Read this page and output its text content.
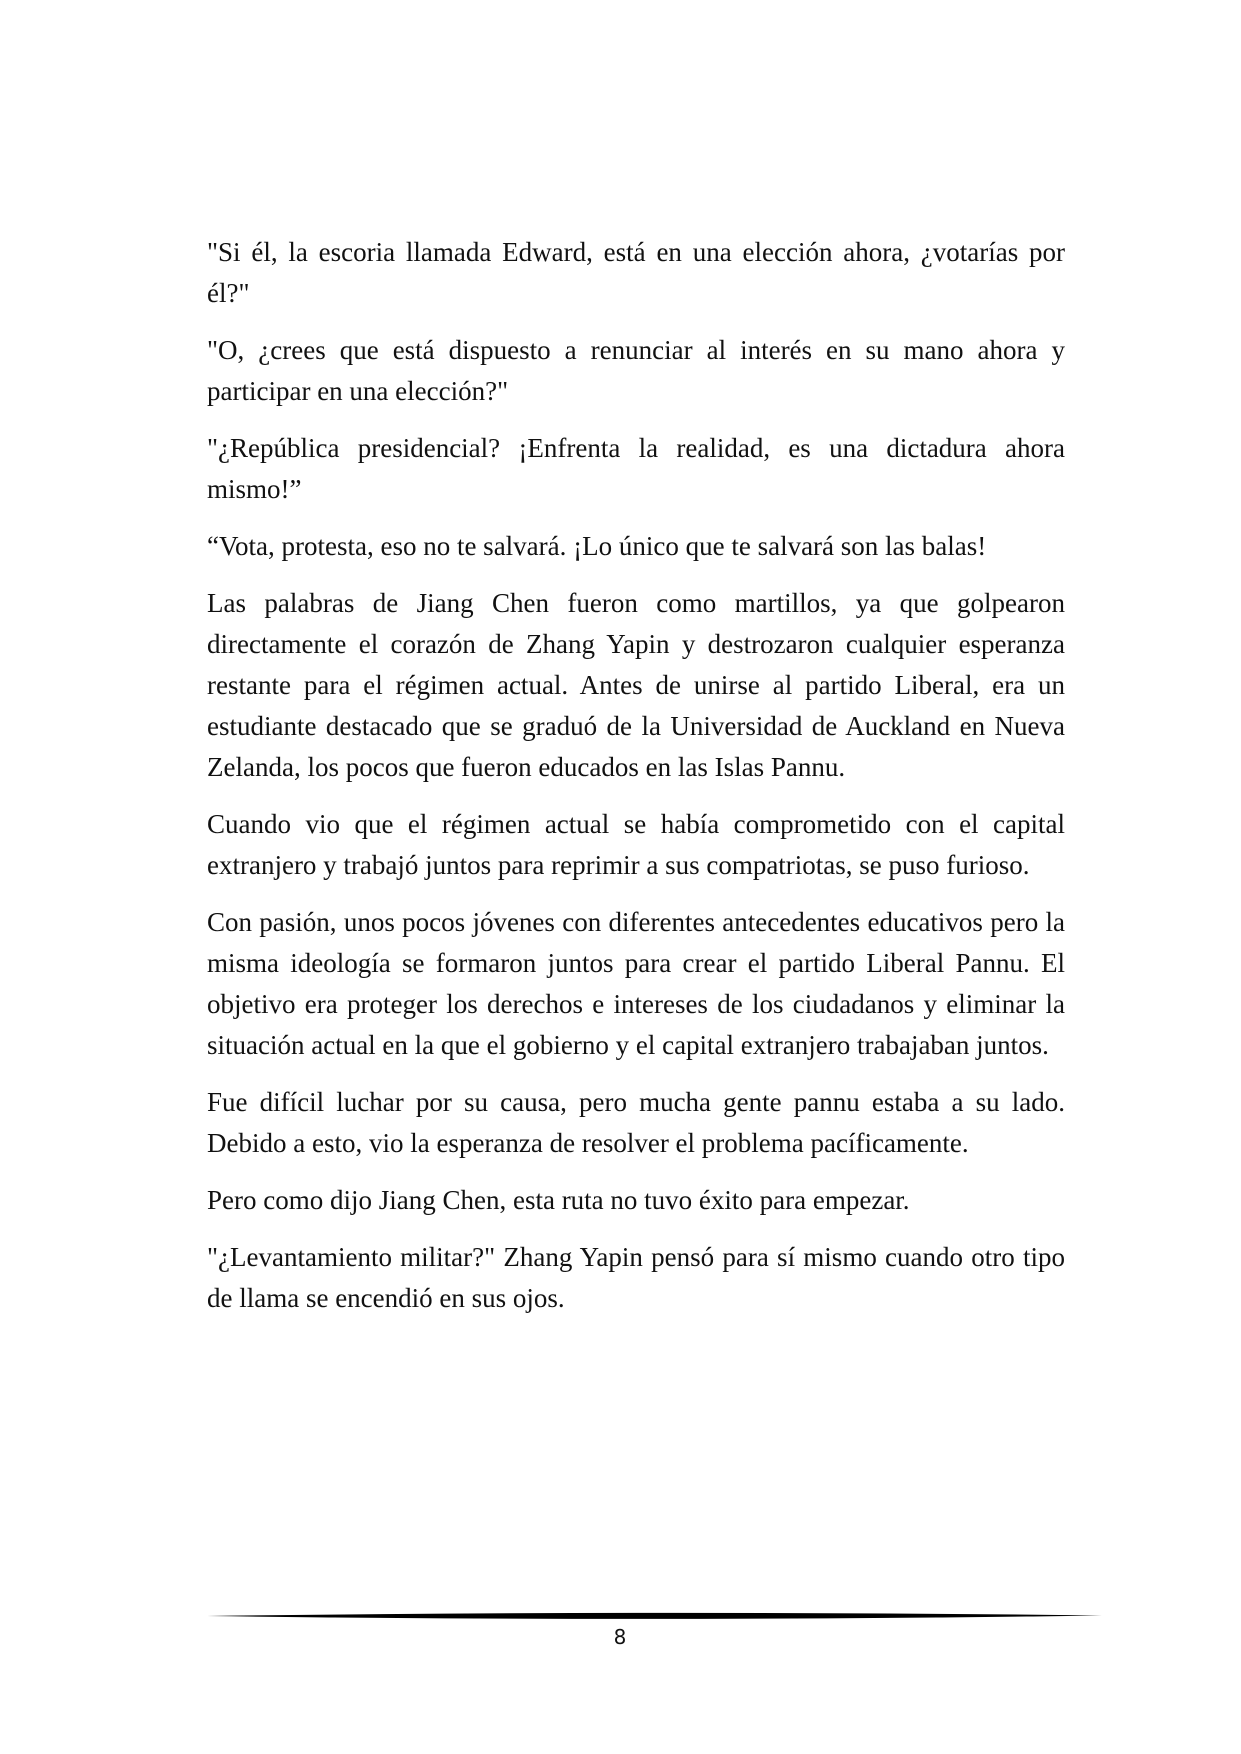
"Si él, la escoria llamada Edward, está en una elección ahora, ¿votarías por él?"

"O, ¿crees que está dispuesto a renunciar al interés en su mano ahora y participar en una elección?"

"¿República presidencial? ¡Enfrenta la realidad, es una dictadura ahora mismo!”

“Vota, protesta, eso no te salvará. ¡Lo único que te salvará son las balas!

Las palabras de Jiang Chen fueron como martillos, ya que golpearon directamente el corazón de Zhang Yapin y destrozaron cualquier esperanza restante para el régimen actual. Antes de unirse al partido Liberal, era un estudiante destacado que se graduó de la Universidad de Auckland en Nueva Zelanda, los pocos que fueron educados en las Islas Pannu.

Cuando vio que el régimen actual se había comprometido con el capital extranjero y trabajó juntos para reprimir a sus compatriotas, se puso furioso.

Con pasión, unos pocos jóvenes con diferentes antecedentes educativos pero la misma ideología se formaron juntos para crear el partido Liberal Pannu. El objetivo era proteger los derechos e intereses de los ciudadanos y eliminar la situación actual en la que el gobierno y el capital extranjero trabajaban juntos.

Fue difícil luchar por su causa, pero mucha gente pannu estaba a su lado. Debido a esto, vio la esperanza de resolver el problema pacíficamente.

Pero como dijo Jiang Chen, esta ruta no tuvo éxito para empezar.

"¿Levantamiento militar?" Zhang Yapin pensó para sí mismo cuando otro tipo de llama se encendió en sus ojos.

8
